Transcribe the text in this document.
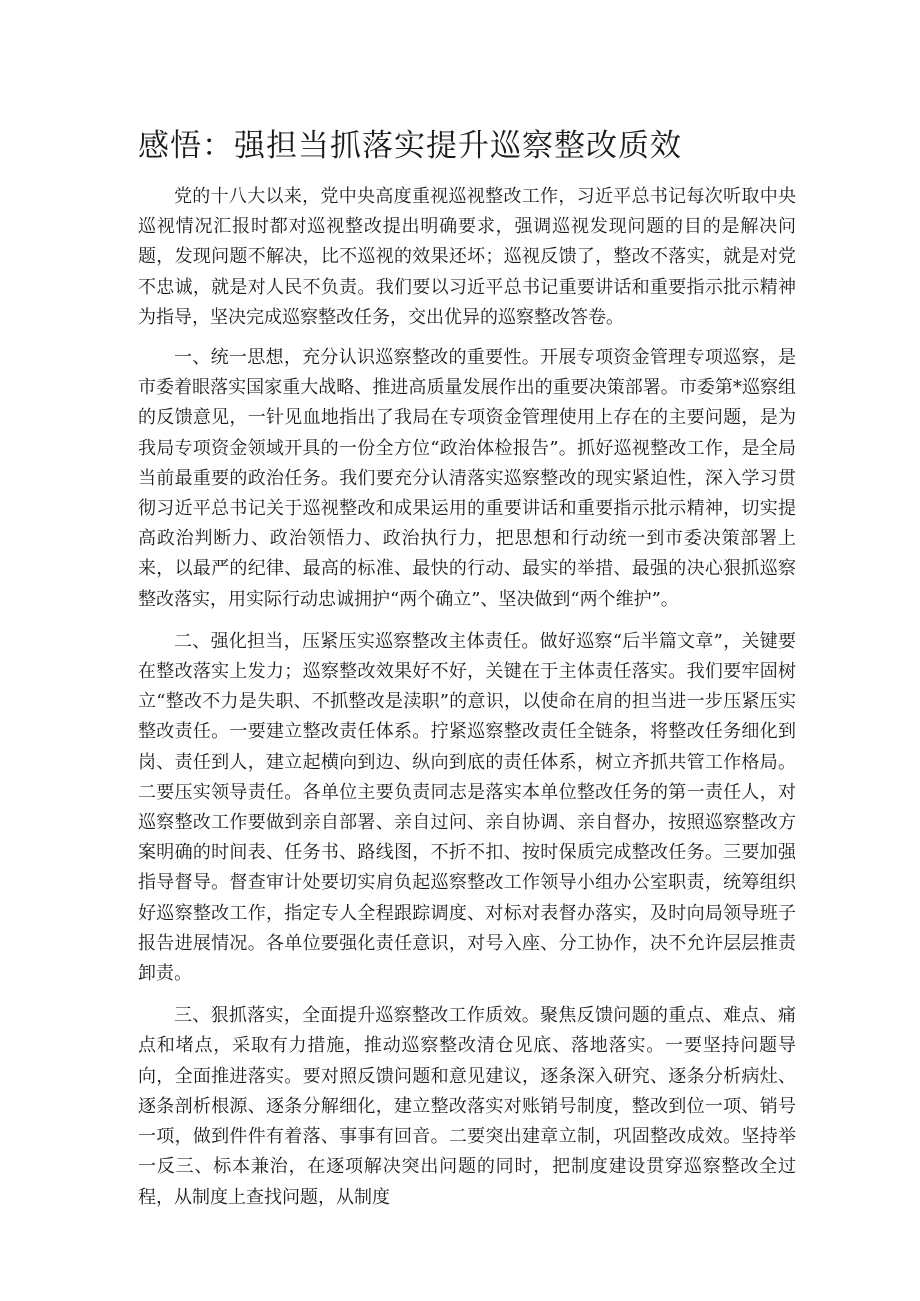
感悟：强担当抓落实提升巡察整改质效

党的十八大以来，党中央高度重视巡视整改工作，习近平总书记每次听取中央巡视情况汇报时都对巡视整改提出明确要求，强调巡视发现问题的目的是解决问题，发现问题不解决，比不巡视的效果还坏；巡视反馈了，整改不落实，就是对党不忠诚，就是对人民不负责。我们要以习近平总书记重要讲话和重要指示批示精神为指导，坚决完成巡察整改任务，交出优异的巡察整改答卷。

一、统一思想，充分认识巡察整改的重要性。开展专项资金管理专项巡察，是市委着眼落实国家重大战略、推进高质量发展作出的重要决策部署。市委第*巡察组的反馈意见，一针见血地指出了我局在专项资金管理使用上存在的主要问题，是为我局专项资金领域开具的一份全方位“政治体检报告”。抓好巡视整改工作，是全局当前最重要的政治任务。我们要充分认清落实巡察整改的现实紧迫性，深入学习贯彻习近平总书记关于巡视整改和成果运用的重要讲话和重要指示批示精神，切实提高政治判断力、政治领悟力、政治执行力，把思想和行动统一到市委决策部署上来，以最严的纪律、最高的标准、最快的行动、最实的举措、最强的决心狠抓巡察整改落实，用实际行动忠诚拥护“两个确立”、坚决做到“两个维护”。

二、强化担当，压紧压实巡察整改主体责任。做好巡察“后半篇文章”，关键要在整改落实上发力；巡察整改效果好不好，关键在于主体责任落实。我们要牢固树立“整改不力是失职、不抓整改是渎职”的意识，以使命在肩的担当进一步压紧压实整改责任。一要建立整改责任体系。拧紧巡察整改责任全链条，将整改任务细化到岗、责任到人，建立起横向到边、纵向到底的责任体系，树立齐抓共管工作格局。二要压实领导责任。各单位主要负责同志是落实本单位整改任务的第一责任人，对巡察整改工作要做到亲自部署、亲自过问、亲自协调、亲自督办，按照巡察整改方案明确的时间表、任务书、路线图，不折不扣、按时保质完成整改任务。三要加强指导督导。督查审计处要切实肩负起巡察整改工作领导小组办公室职责，统筹组织好巡察整改工作，指定专人全程跟踪调度、对标对表督办落实，及时向局领导班子报告进展情况。各单位要强化责任意识，对号入座、分工协作，决不允许层层推责卸责。

三、狠抓落实，全面提升巡察整改工作质效。聚焦反馈问题的重点、难点、痛点和堵点，采取有力措施，推动巡察整改清仓见底、落地落实。一要坚持问题导向，全面推进落实。要对照反馈问题和意见建议，逐条深入研究、逐条分析病灶、逐条剖析根源、逐条分解细化，建立整改落实对账销号制度，整改到位一项、销号一项，做到件件有着落、事事有回音。二要突出建章立制，巩固整改成效。坚持举一反三、标本兼治，在逐项解决突出问题的同时，把制度建设贯穿巡察整改全过程，从制度上查找问题，从制度
